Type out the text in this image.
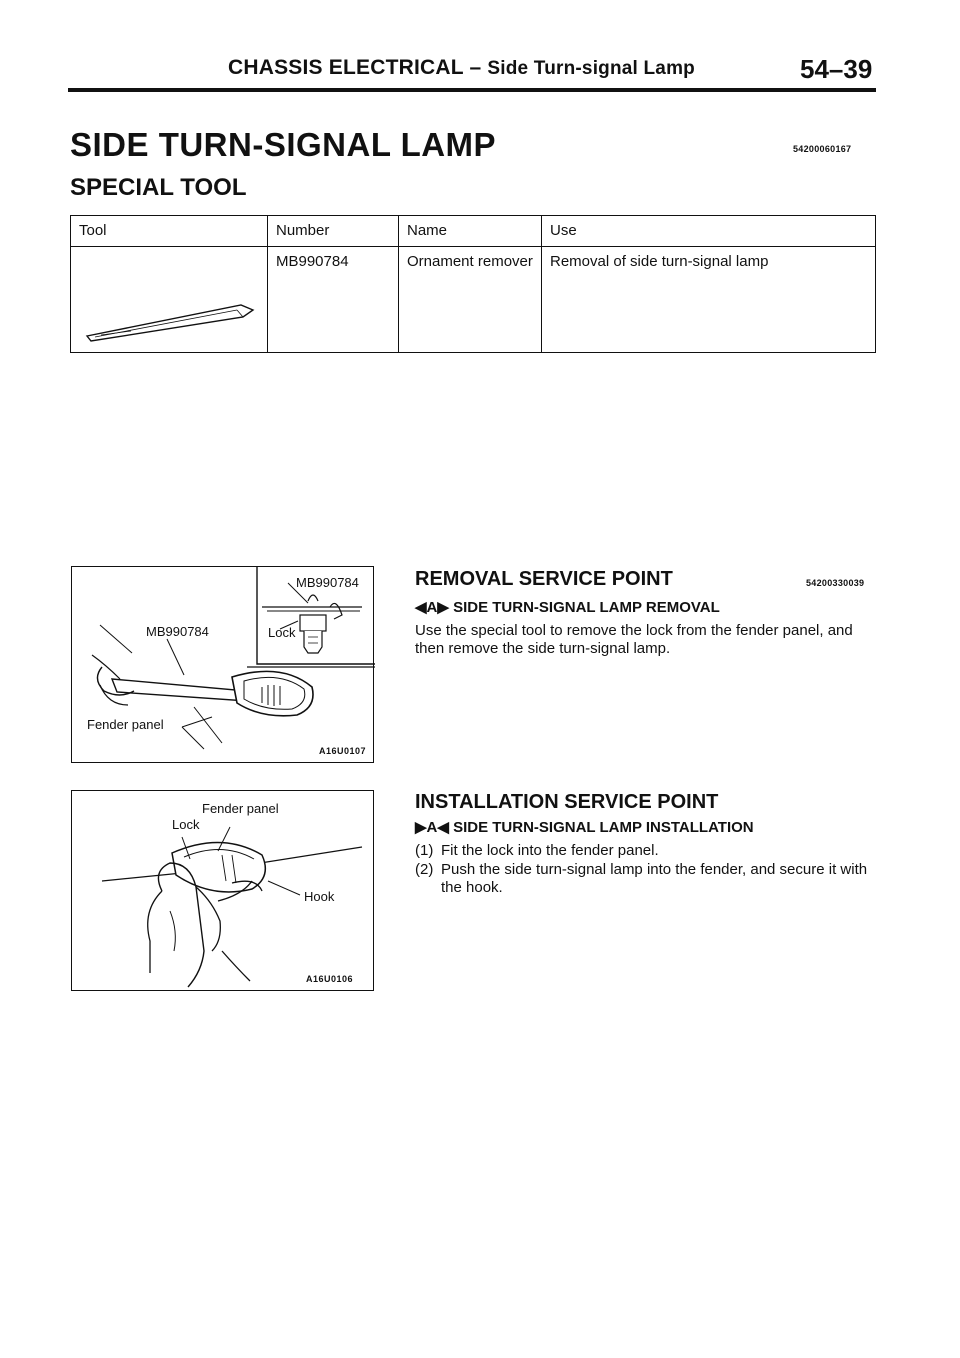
CHASSIS ELECTRICAL – Side Turn-signal Lamp	54–39
SIDE TURN-SIGNAL LAMP	54200060167
SPECIAL TOOL
Tool	Number	Name	Use

	MB990784	Ornament remover	Removal of side turn-signal lamp
MB990784
MB990784	Lock
Fender panel
A16U0107
Fender panel
Lock
Hook
A16U0106
REMOVAL SERVICE POINT	54200330039
◀A▶ SIDE TURN-SIGNAL LAMP REMOVAL
Use the special tool to remove the lock from the fender panel, and then remove the side turn-signal lamp.
INSTALLATION SERVICE POINT
▶A◀ SIDE TURN-SIGNAL LAMP INSTALLATION
(1) Fit the lock into the fender panel.
(2) Push the side turn-signal lamp into the fender, and secure it with the hook.
